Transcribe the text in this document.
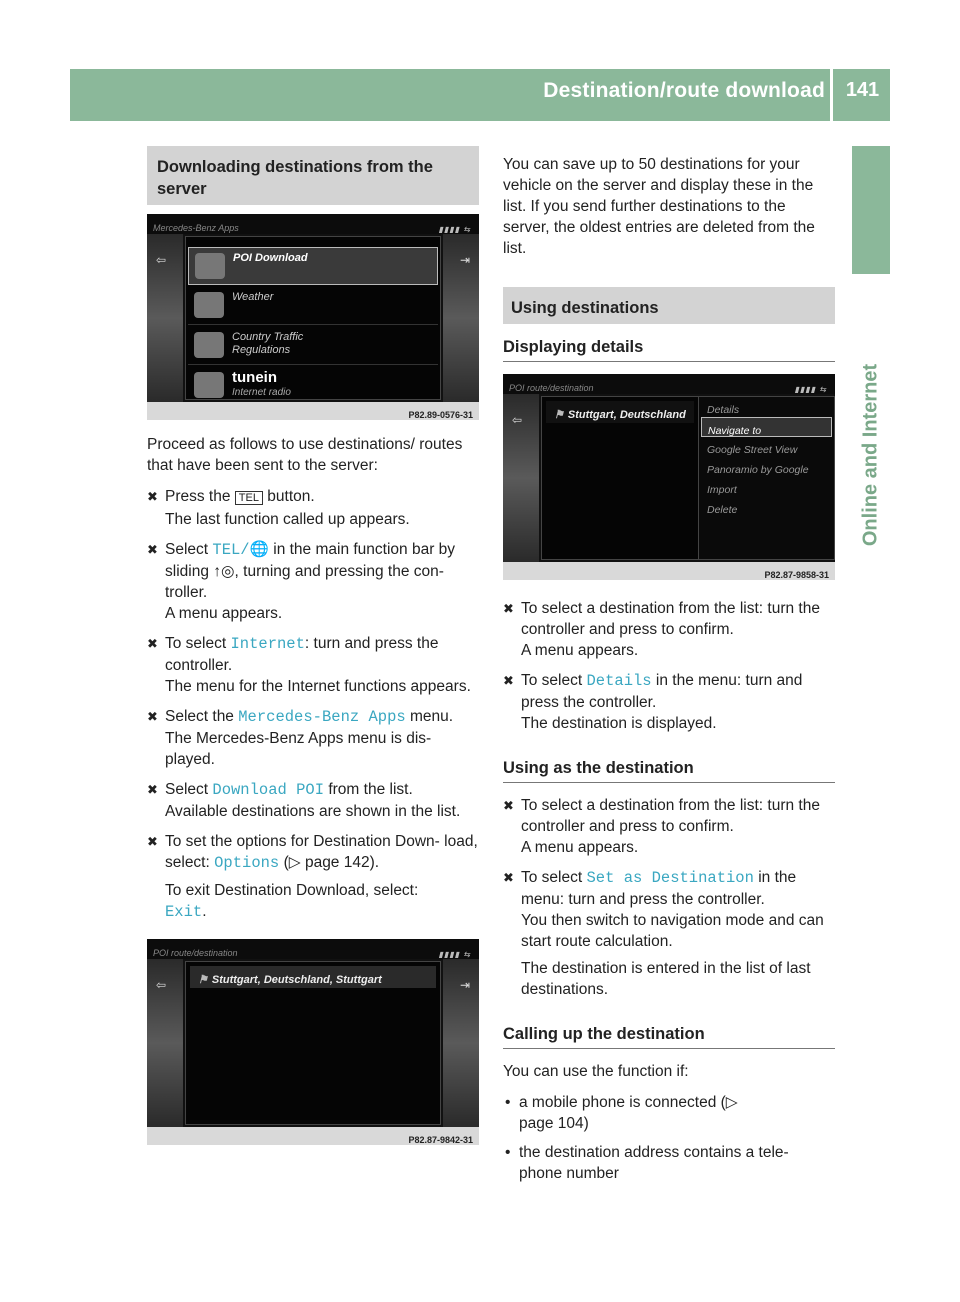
Destination/route download 141
Online and Internet
Downloading destinations from the server
Mercedes-Benz Apps	▮▮▮▮ ⇆
⇦	⇥
POI Download
Weather
Country Traffic Regulations
tunein
Internet radio
P82.89-0576-31

Proceed as follows to use destinations/ routes that have been sent to the server:

✖ Press the TEL button.
The last function called up appears.
✖ Select TEL/🌐 in the main function bar by sliding ↑◎, turning and pressing the con- troller.
A menu appears.
✖ To select Internet: turn and press the controller.
The menu for the Internet functions appears.
✖ Select the Mercedes-Benz Apps menu.
The Mercedes-Benz Apps menu is dis- played.
✖ Select Download POI from the list.
Available destinations are shown in the list.
✖ To set the options for Destination Down- load, select: Options (▷ page 142).
To exit Destination Download, select:
Exit.
POI route/destination	▮▮▮▮ ⇆
⇦	⇥
⚑ Stuttgart, Deutschland, Stuttgart
P82.87-9842-31

You can save up to 50 destinations for your vehicle on the server and display these in the list. If you send further destinations to the server, the oldest entries are deleted from the list.

Using destinations
Displaying details
POI route/destination	▮▮▮▮ ⇆
⇦	⚑ Stuttgart, Deutschland	Details
Navigate to
Google Street View
Panoramio by Google
Import
Delete
P82.87-9858-31
✖ To select a destination from the list: turn the controller and press to confirm.
A menu appears.
✖ To select Details in the menu: turn and press the controller.
The destination is displayed.
Using as the destination
✖ To select a destination from the list: turn the controller and press to confirm.
A menu appears.
✖ To select Set as Destination in the menu: turn and press the controller.
You then switch to navigation mode and can start route calculation.
The destination is entered in the list of last destinations.
Calling up the destination

You can use the function if:

• a mobile phone is connected (▷ page 104)
• the destination address contains a tele- phone number
